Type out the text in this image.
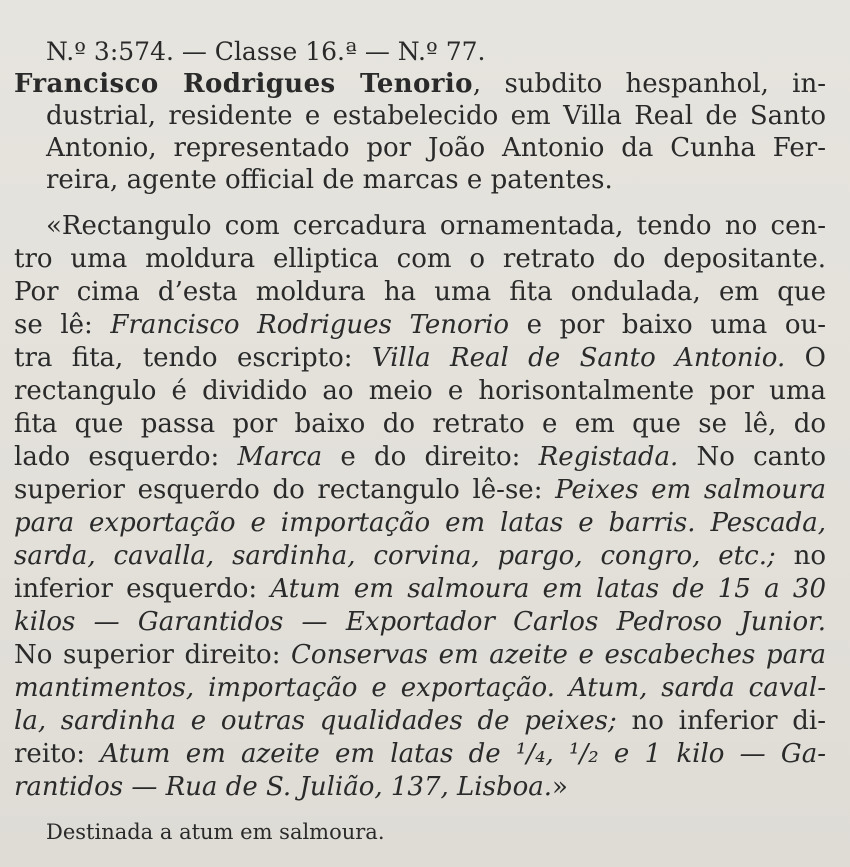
N.º 3:574. — Classe 16.ª — N.º 77.
Francisco Rodrigues Tenorio, subdito hespanhol, in-
dustrial, residente e estabelecido em Villa Real de Santo
Antonio, representado por João Antonio da Cunha Fer-
reira, agente official de marcas e patentes.
«Rectangulo com cercadura ornamentada, tendo no cen-
tro uma moldura elliptica com o retrato do depositante.
Por cima d’esta moldura ha uma fita ondulada, em que
se lê: Francisco Rodrigues Tenorio e por baixo uma ou-
tra fita, tendo escripto: Villa Real de Santo Antonio. O
rectangulo é dividido ao meio e horisontalmente por uma
fita que passa por baixo do retrato e em que se lê, do
lado esquerdo: Marca e do direito: Registada. No canto
superior esquerdo do rectangulo lê-se: Peixes em salmoura
para exportação e importação em latas e barris. Pescada,
sarda, cavalla, sardinha, corvina, pargo, congro, etc.; no
inferior esquerdo: Atum em salmoura em latas de 15 a 30
kilos — Garantidos — Exportador Carlos Pedroso Junior.
No superior direito: Conservas em azeite e escabeches para
mantimentos, importação e exportação. Atum, sarda caval-
la, sardinha e outras qualidades de peixes; no inferior di-
reito: Atum em azeite em latas de ¹/₄, ¹/₂ e 1 kilo — Ga-
rantidos — Rua de S. Julião, 137, Lisboa.»
Destinada a atum em salmoura.
